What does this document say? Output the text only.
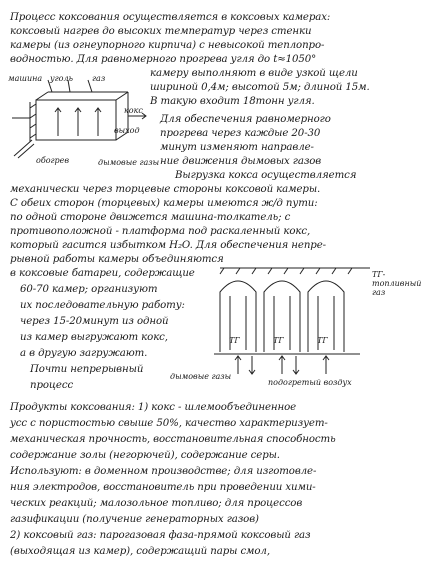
Процесс коксования осуществляется в коксовых камерах:
коксовый нагрев до высоких температур через стенки
камеры (из огнеупорного кирпича) с невысокой теплопро-
водностью. Для равномерного прогрева угля до t≈1050°
камеру выполняют в виде узкой щели
шириной 0,4м; высотой 5м; длиной 15м.
В такую входит 18тонн угля.
Для обеспечения равномерного
прогрева через каждые 20-30
минут изменяют направле-
ние движения дымовых газов
Выгрузка кокса осуществляется
механически через торцевые стороны коксовой камеры.
С обеих сторон (торцевых) камеры имеются ж/д пути:
по одной стороне движется машина-толкатель; с
противоположной - платформа под раскаленный кокс,
который гасится избытком H₂O. Для обеспечения непре-
рывной работы камеры объединяются
в коксовые батареи, содержащие
60-70 камер; организуют
их последовательную работу:
через 15-20минут из одной
из камер выгружают кокс,
а в другую загружают.
Почти непрерывный
процесс
Продукты коксования: 1) кокс - шлемообъединенное
усс с пористостью свыше 50%, качество характеризует-
механическая прочность, восстановительная способность
содержание золы (негорючей), содержание серы.
Используют: в доменном производстве; для изготовле-
ния электродов, восстановитель при проведении хими-
ческих реакций; малозольное топливо; для процессов
газификации (получение генераторных газов)
2) коксовый газ: парогазовая фаза-прямой коксовый газ
(выходящая из камер), содержащий пары смол,
машина уголь газ
кокс
выход
обогрев	дымовые газы
ТГ-топливный газ
дымовые газы
подогретый воздух
ТГ	ТГ	ТГ
